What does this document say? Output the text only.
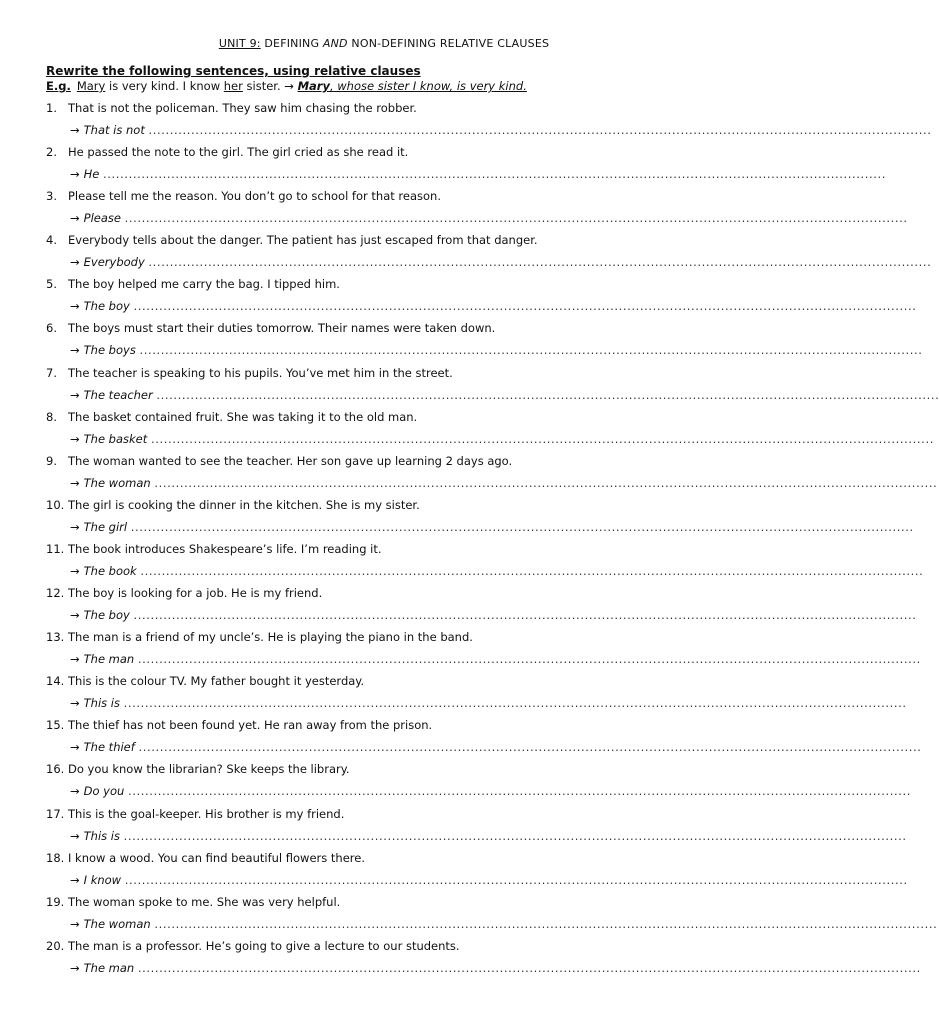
UNIT 9: DEFINING AND NON-DEFINING RELATIVE CLAUSES
Rewrite the following sentences, using relative clauses
E.g. Mary is very kind. I know her sister. → Mary, whose sister I know, is very kind.
1. That is not the policeman. They saw him chasing the robber.
→ That is not ........................................................................................................................................................................................
2. He passed the note to the girl. The girl cried as she read it.
→ He ........................................................................................................................................................................................
3. Please tell me the reason. You don’t go to school for that reason.
→ Please ........................................................................................................................................................................................
4. Everybody tells about the danger. The patient has just escaped from that danger.
→ Everybody ........................................................................................................................................................................................
5. The boy helped me carry the bag. I tipped him.
→ The boy ........................................................................................................................................................................................
6. The boys must start their duties tomorrow. Their names were taken down.
→ The boys ........................................................................................................................................................................................
7. The teacher is speaking to his pupils. You’ve met him in the street.
→ The teacher ........................................................................................................................................................................................
8. The basket contained fruit. She was taking it to the old man.
→ The basket ........................................................................................................................................................................................
9. The woman wanted to see the teacher. Her son gave up learning 2 days ago.
→ The woman ........................................................................................................................................................................................
10. The girl is cooking the dinner in the kitchen. She is my sister.
→ The girl ........................................................................................................................................................................................
11. The book introduces Shakespeare’s life. I’m reading it.
→ The book ........................................................................................................................................................................................
12. The boy is looking for a job. He is my friend.
→ The boy ........................................................................................................................................................................................
13. The man is a friend of my uncle’s. He is playing the piano in the band.
→ The man ........................................................................................................................................................................................
14. This is the colour TV. My father bought it yesterday.
→ This is ........................................................................................................................................................................................
15. The thief has not been found yet. He ran away from the prison.
→ The thief ........................................................................................................................................................................................
16. Do you know the librarian? Ske keeps the library.
→ Do you ........................................................................................................................................................................................
17. This is the goal-keeper. His brother is my friend.
→ This is ........................................................................................................................................................................................
18. I know a wood. You can find beautiful flowers there.
→ I know ........................................................................................................................................................................................
19. The woman spoke to me. She was very helpful.
→ The woman ........................................................................................................................................................................................
20. The man is a professor. He’s going to give a lecture to our students.
→ The man ........................................................................................................................................................................................
